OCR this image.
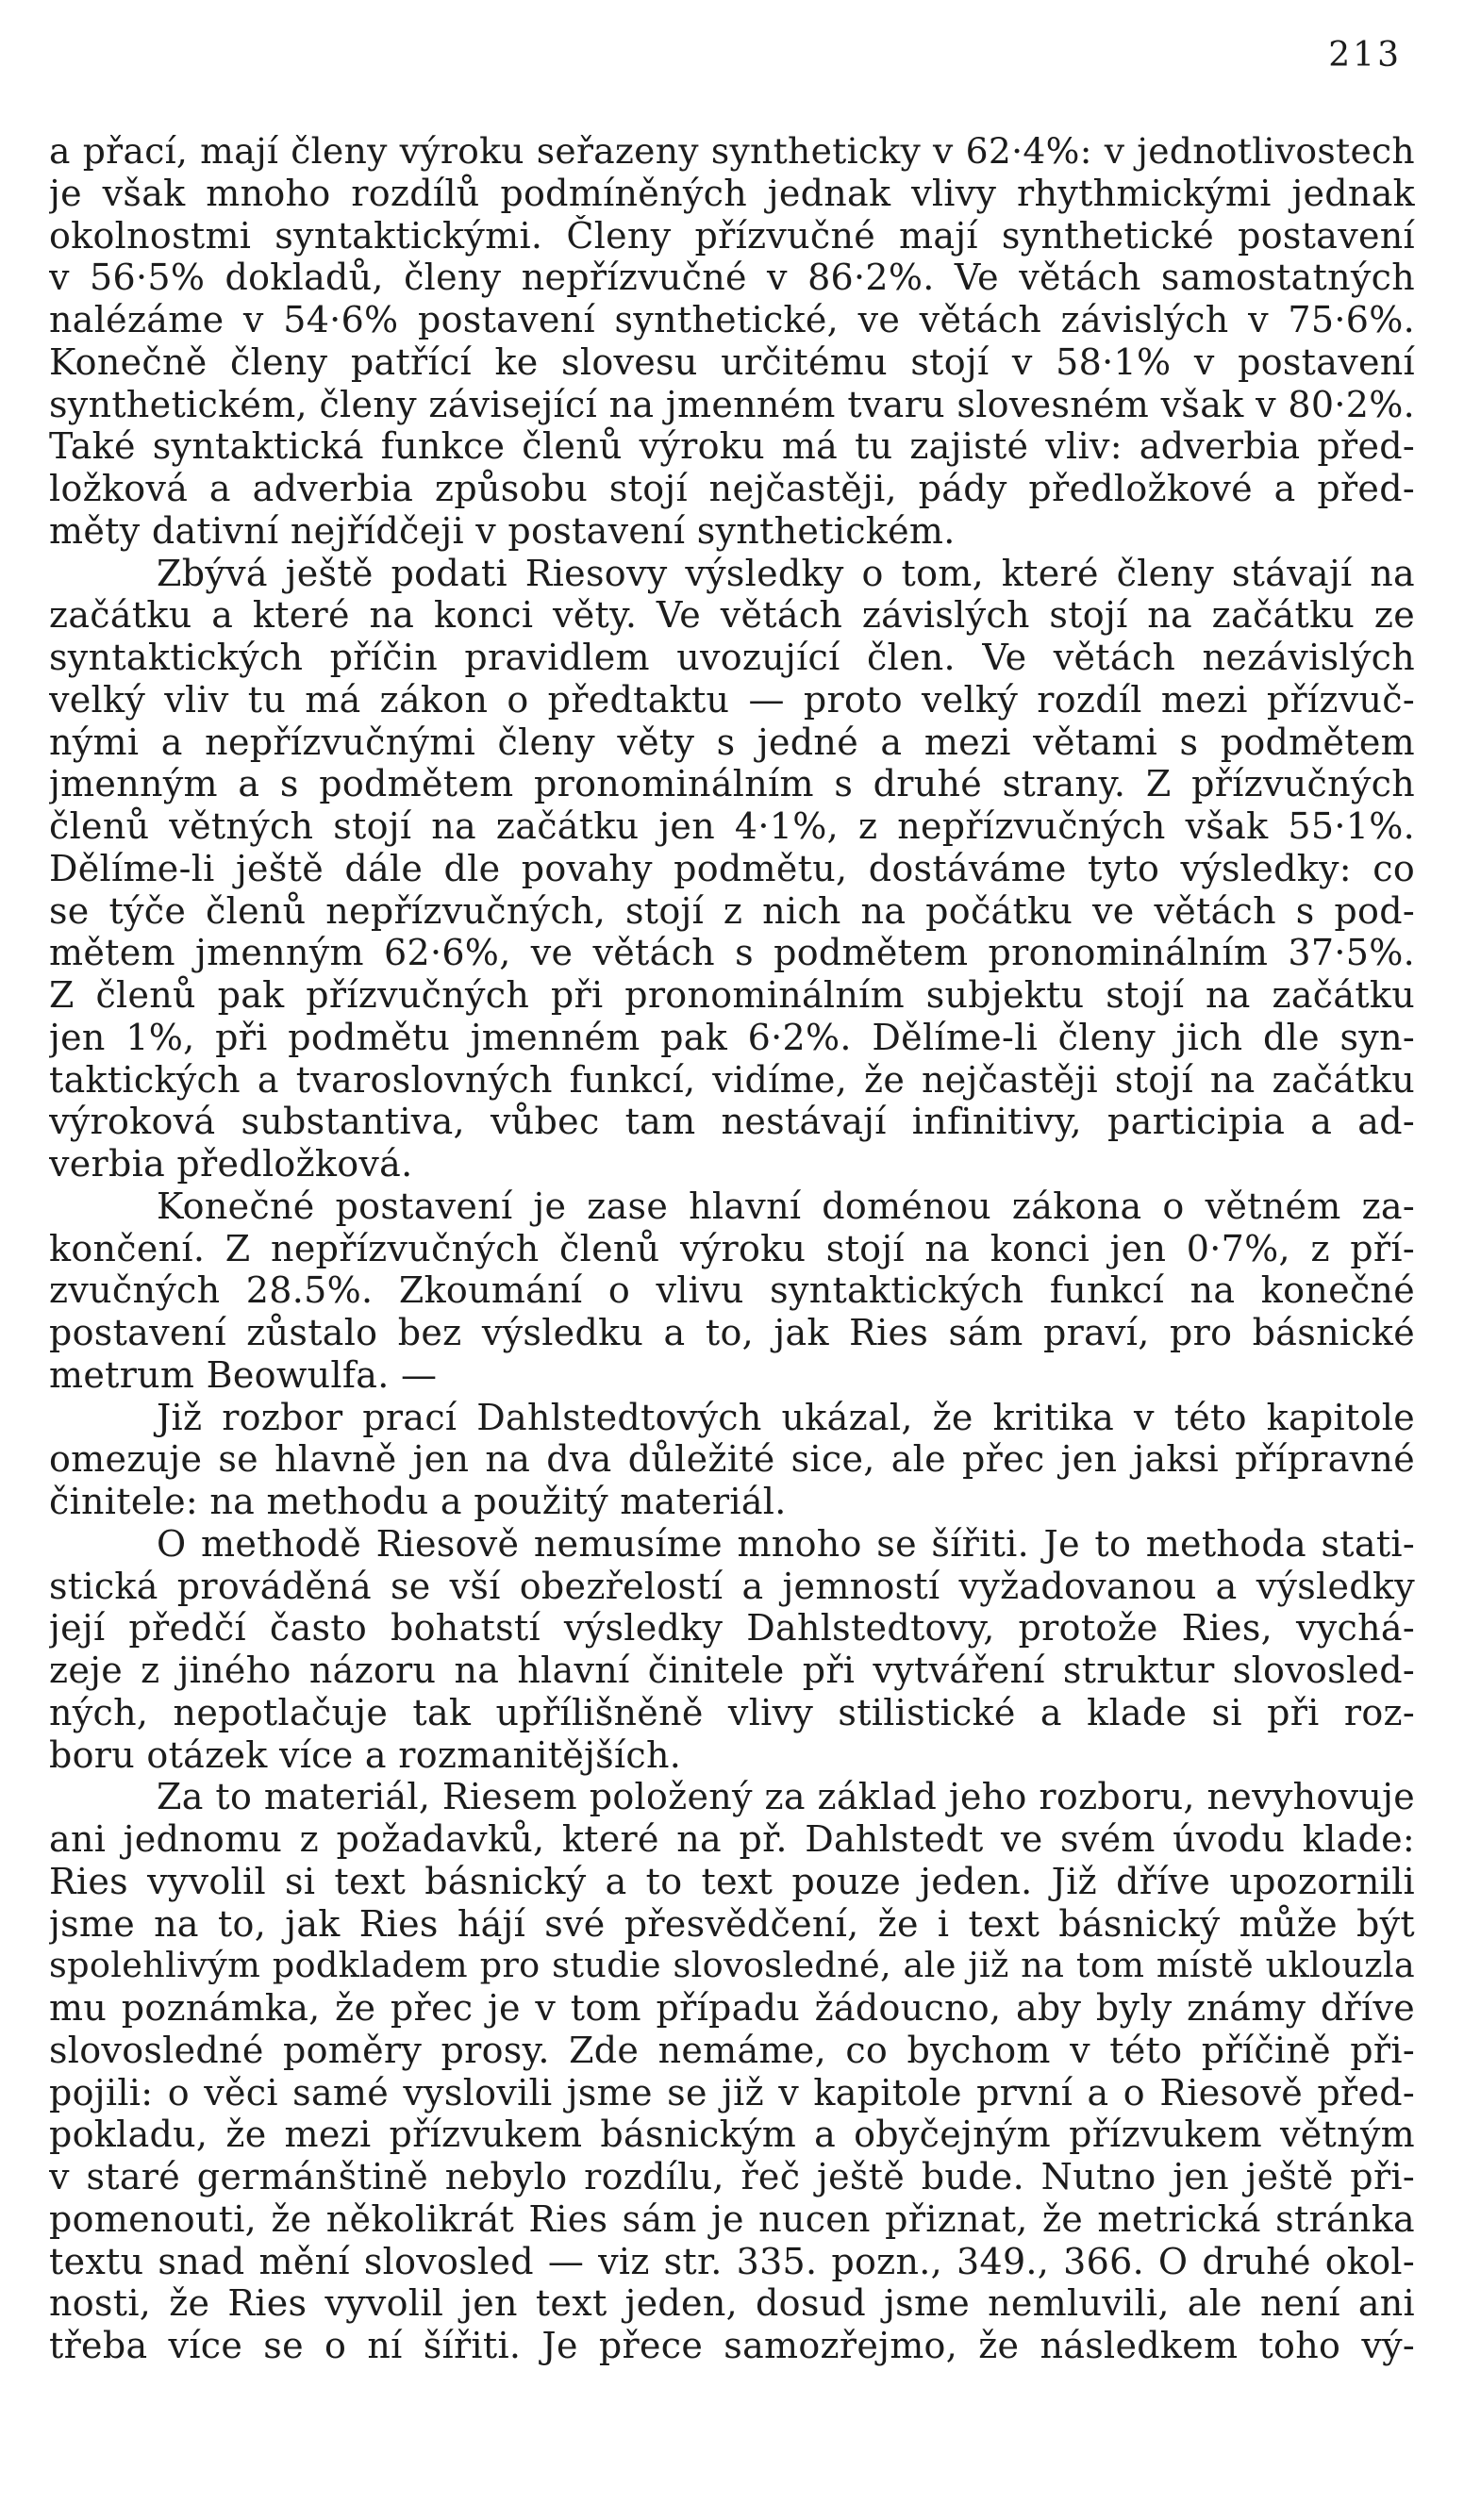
213
a přací, mají členy výroku seřazeny syntheticky v 62·4%: v jednotlivostech
je však mnoho rozdílů podmíněných jednak vlivy rhythmickými jednak
okolnostmi syntaktickými. Členy přízvučné mají synthetické postavení
v 56·5% dokladů, členy nepřízvučné v 86·2%. Ve větách samostatných
nalézáme v 54·6% postavení synthetické, ve větách závislých v 75·6%.
Konečně členy patřící ke slovesu určitému stojí v 58·1% v postavení
synthetickém, členy závisející na jmenném tvaru slovesném však v 80·2%.
Také syntaktická funkce členů výroku má tu zajisté vliv: adverbia před-
ložková a adverbia způsobu stojí nejčastěji, pády předložkové a před-
měty dativní nejřídčeji v postavení synthetickém.
Zbývá ještě podati Riesovy výsledky o tom, které členy stávají na
začátku a které na konci věty. Ve větách závislých stojí na začátku ze
syntaktických příčin pravidlem uvozující člen. Ve větách nezávislých
velký vliv tu má zákon o předtaktu — proto velký rozdíl mezi přízvuč-
nými a nepřízvučnými členy věty s jedné a mezi větami s podmětem
jmenným a s podmětem pronominálním s druhé strany. Z přízvučných
členů větných stojí na začátku jen 4·1%, z nepřízvučných však 55·1%.
Dělíme-li ještě dále dle povahy podmětu, dostáváme tyto výsledky: co
se týče členů nepřízvučných, stojí z nich na počátku ve větách s pod-
mětem jmenným 62·6%, ve větách s podmětem pronominálním 37·5%.
Z členů pak přízvučných při pronominálním subjektu stojí na začátku
jen 1%, při podmětu jmenném pak 6·2%. Dělíme-li členy jich dle syn-
taktických a tvaroslovných funkcí, vidíme, že nejčastěji stojí na začátku
výroková substantiva, vůbec tam nestávají infinitivy, participia a ad-
verbia předložková.
Konečné postavení je zase hlavní doménou zákona o větném za-
končení. Z nepřízvučných členů výroku stojí na konci jen 0·7%, z pří-
zvučných 28.5%. Zkoumání o vlivu syntaktických funkcí na konečné
postavení zůstalo bez výsledku a to, jak Ries sám praví, pro básnické
metrum Beowulfa. —
Již rozbor prací Dahlstedtových ukázal, že kritika v této kapitole
omezuje se hlavně jen na dva důležité sice, ale přec jen jaksi přípravné
činitele: na methodu a použitý materiál.
O methodě Riesově nemusíme mnoho se šířiti. Je to methoda stati-
stická prováděná se vší obezřelostí a jemností vyžadovanou a výsledky
její předčí často bohatstí výsledky Dahlstedtovy, protože Ries, vychá-
zeje z jiného názoru na hlavní činitele při vytváření struktur slovosled-
ných, nepotlačuje tak upřílišněně vlivy stilistické a klade si při roz-
boru otázek více a rozmanitějších.
Za to materiál, Riesem položený za základ jeho rozboru, nevyhovuje
ani jednomu z požadavků, které na př. Dahlstedt ve svém úvodu klade:
Ries vyvolil si text básnický a to text pouze jeden. Již dříve upozornili
jsme na to, jak Ries hájí své přesvědčení, že i text básnický může být
spolehlivým podkladem pro studie slovosledné, ale již na tom místě uklouzla
mu poznámka, že přec je v tom případu žádoucno, aby byly známy dříve
slovosledné poměry prosy. Zde nemáme, co bychom v této příčině při-
pojili: o věci samé vyslovili jsme se již v kapitole první a o Riesově před-
pokladu, že mezi přízvukem básnickým a obyčejným přízvukem větným
v staré germánštině nebylo rozdílu, řeč ještě bude. Nutno jen ještě při-
pomenouti, že několikrát Ries sám je nucen přiznat, že metrická stránka
textu snad mění slovosled — viz str. 335. pozn., 349., 366. O druhé okol-
nosti, že Ries vyvolil jen text jeden, dosud jsme nemluvili, ale není ani
třeba více se o ní šířiti. Je přece samozřejmo, že následkem toho vý-
